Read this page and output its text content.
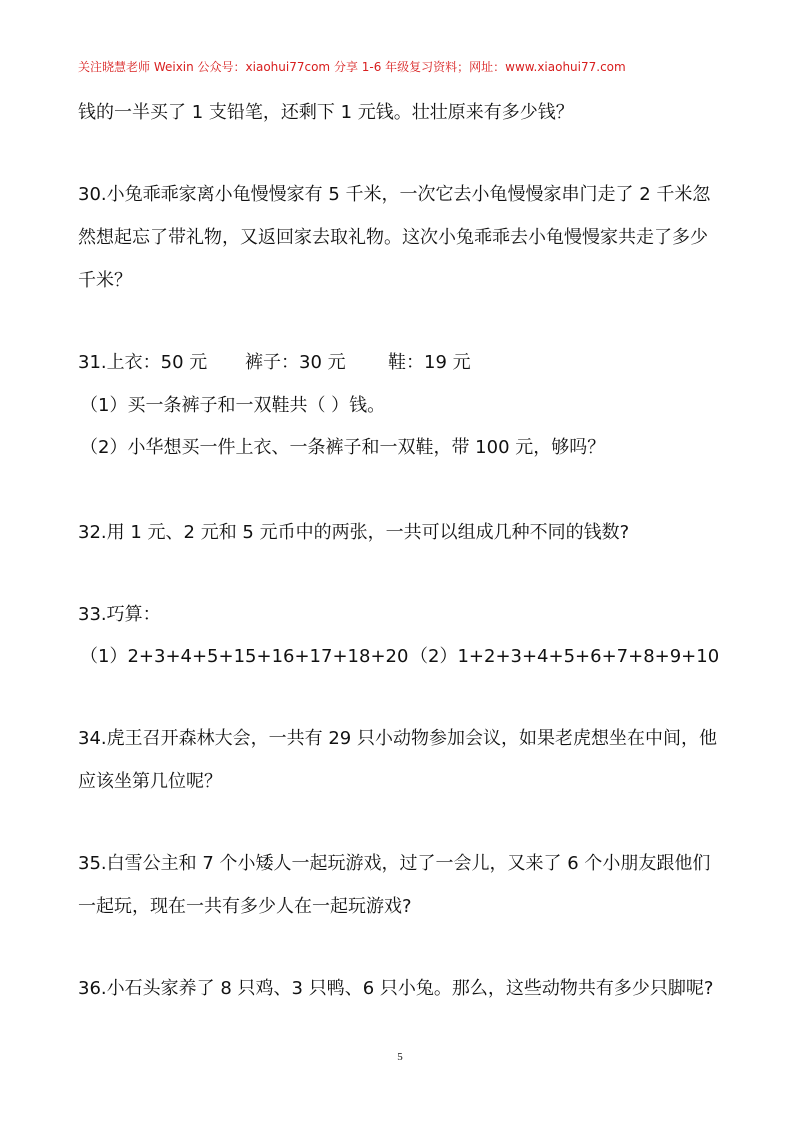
关注晓慧老师 Weixin 公众号：xiaohui77com 分享 1-6 年级复习资料；网址：www.xiaohui77.com
钱的一半买了 1 支铅笔，还剩下 1 元钱。壮壮原来有多少钱？
30.小兔乖乖家离小龟慢慢家有 5 千米，一次它去小龟慢慢家串门走了 2 千米忽
然想起忘了带礼物，又返回家去取礼物。这次小兔乖乖去小龟慢慢家共走了多少
千米？
31.上衣：50 元 裤子：30 元 鞋：19 元
（1）买一条裤子和一双鞋共（ ）钱。
（2）小华想买一件上衣、一条裤子和一双鞋，带 100 元，够吗？
32.用 1 元、2 元和 5 元币中的两张，一共可以组成几种不同的钱数?
33.巧算：
（1）2+3+4+5+15+16+17+18+20 （2）1+2+3+4+5+6+7+8+9+10
34.虎王召开森林大会，一共有 29 只小动物参加会议，如果老虎想坐在中间，他
应该坐第几位呢？
35.白雪公主和 7 个小矮人一起玩游戏，过了一会儿，又来了 6 个小朋友跟他们
一起玩，现在一共有多少人在一起玩游戏?
36.小石头家养了 8 只鸡、3 只鸭、6 只小兔。那么，这些动物共有多少只脚呢?
5
